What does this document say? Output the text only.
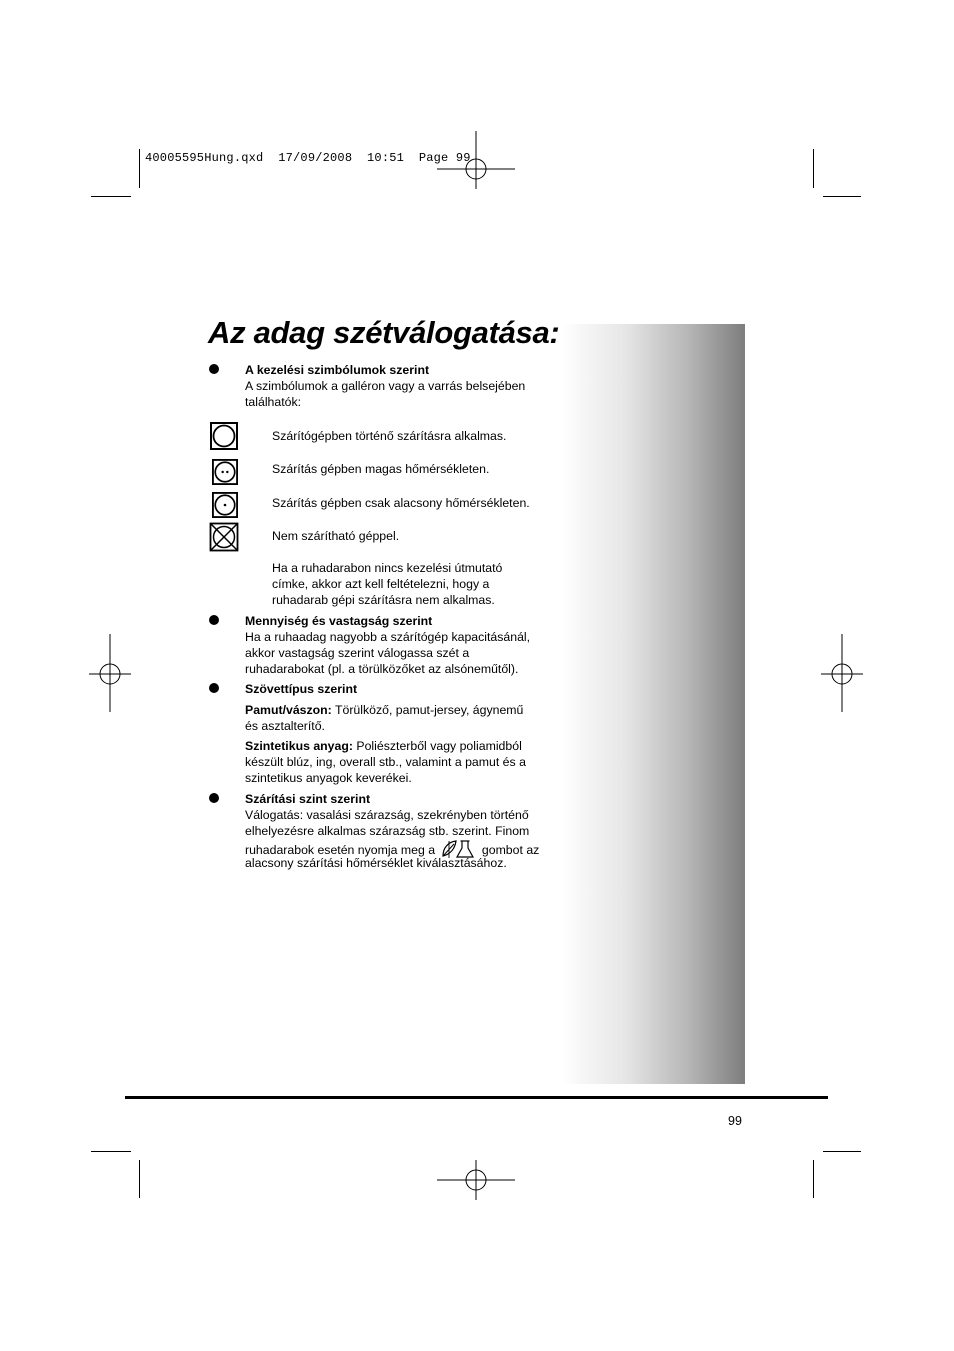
40005595Hung.qxd  17/09/2008  10:51  Page 99
Az adag szétválogatása:
A kezelési szimbólumok szerint
A szimbólumok a galléron vagy a varrás belsejében
találhatók:
Szárítógépben történő szárításra alkalmas.
Szárítás gépben magas hőmérsékleten.
Szárítás gépben csak alacsony hőmérsékleten.
Nem szárítható géppel.
Ha a ruhadarabon nincs kezelési útmutató
címke, akkor azt kell feltételezni, hogy a
ruhadarab gépi szárításra nem alkalmas.
Mennyiség és vastagság szerint
Ha a ruhaadag nagyobb a szárítógép kapacitásánál,
akkor vastagság szerint válogassa szét a
ruhadarabokat (pl. a törülközőket az alsóneműtől).
Szövettípus szerint
Pamut/vászon: Törülköző, pamut-jersey, ágynemű
és asztalterítő.
Szintetikus anyag: Poliészterből vagy poliamidból
készült blúz, ing, overall stb., valamint a pamut és a
szintetikus anyagok keverékei.
Szárítási szint szerint
Válogatás: vasalási szárazság, szekrényben történő
elhelyezésre alkalmas szárazság stb. szerint. Finom
ruhadarabok esetén nyomja meg a	gombot az
alacsony szárítási hőmérséklet kiválasztásához.
99
